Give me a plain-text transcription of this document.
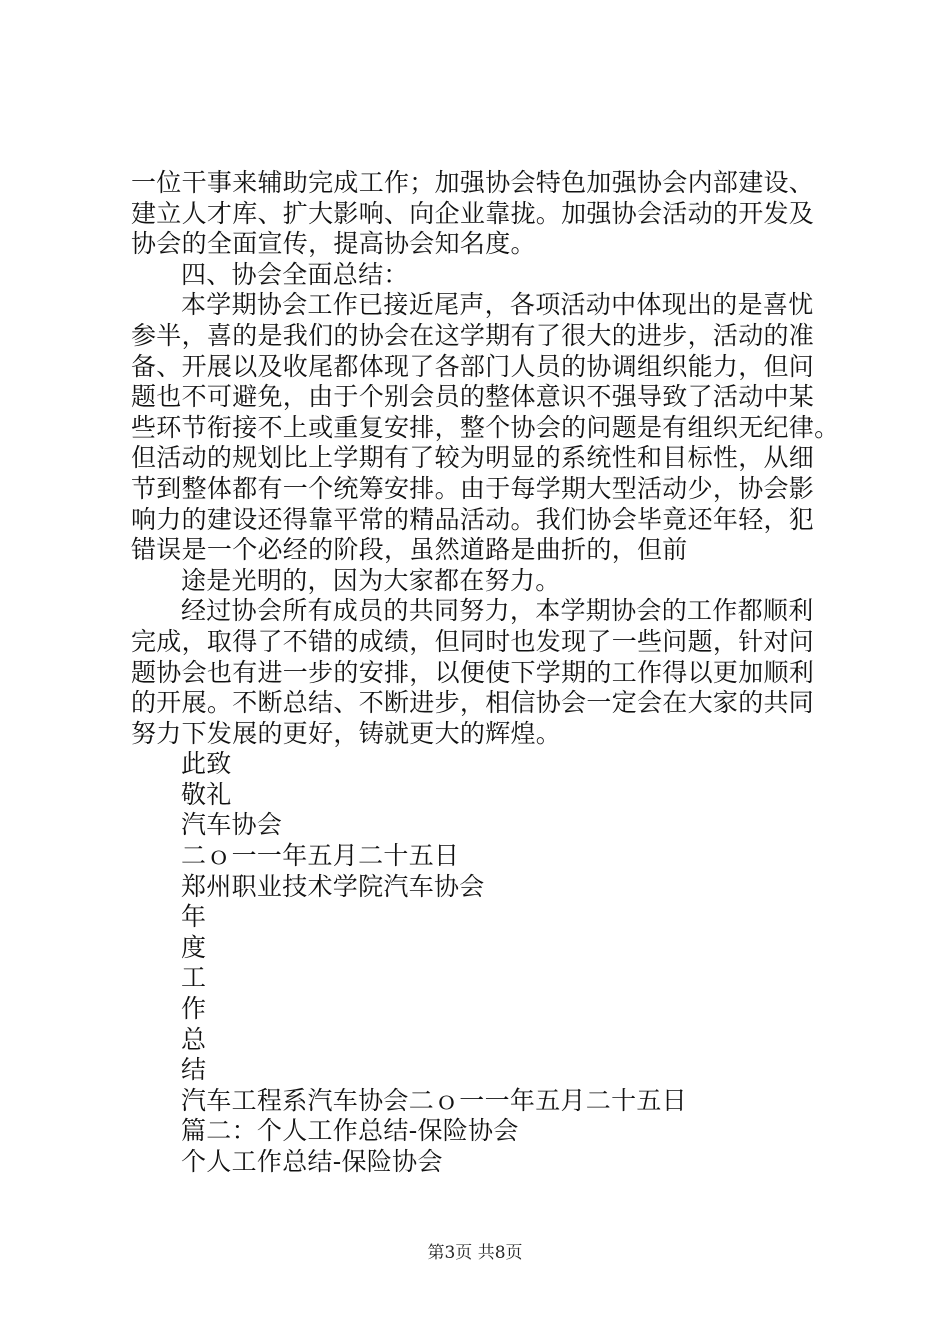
一位干事来辅助完成工作；加强协会特色加强协会内部建设、
建立人才库、扩大影响、向企业靠拢。加强协会活动的开发及
协会的全面宣传，提高协会知名度。
四、协会全面总结：
本学期协会工作已接近尾声，各项活动中体现出的是喜忧
参半，喜的是我们的协会在这学期有了很大的进步，活动的准
备、开展以及收尾都体现了各部门人员的协调组织能力，但问
题也不可避免，由于个别会员的整体意识不强导致了活动中某
些环节衔接不上或重复安排，整个协会的问题是有组织无纪律。
但活动的规划比上学期有了较为明显的系统性和目标性，从细
节到整体都有一个统筹安排。由于每学期大型活动少，协会影
响力的建设还得靠平常的精品活动。我们协会毕竟还年轻，犯
错误是一个必经的阶段，虽然道路是曲折的，但前
途是光明的，因为大家都在努力。
经过协会所有成员的共同努力，本学期协会的工作都顺利
完成，取得了不错的成绩，但同时也发现了一些问题，针对问
题协会也有进一步的安排，以便使下学期的工作得以更加顺利
的开展。不断总结、不断进步，相信协会一定会在大家的共同
努力下发展的更好，铸就更大的辉煌。
此致
敬礼
汽车协会
二ｏ一一年五月二十五日
郑州职业技术学院汽车协会
年
度
工
作
总
结
汽车工程系汽车协会二ｏ一一年五月二十五日
篇二：个人工作总结-保险协会
个人工作总结-保险协会
第3页 共8页
